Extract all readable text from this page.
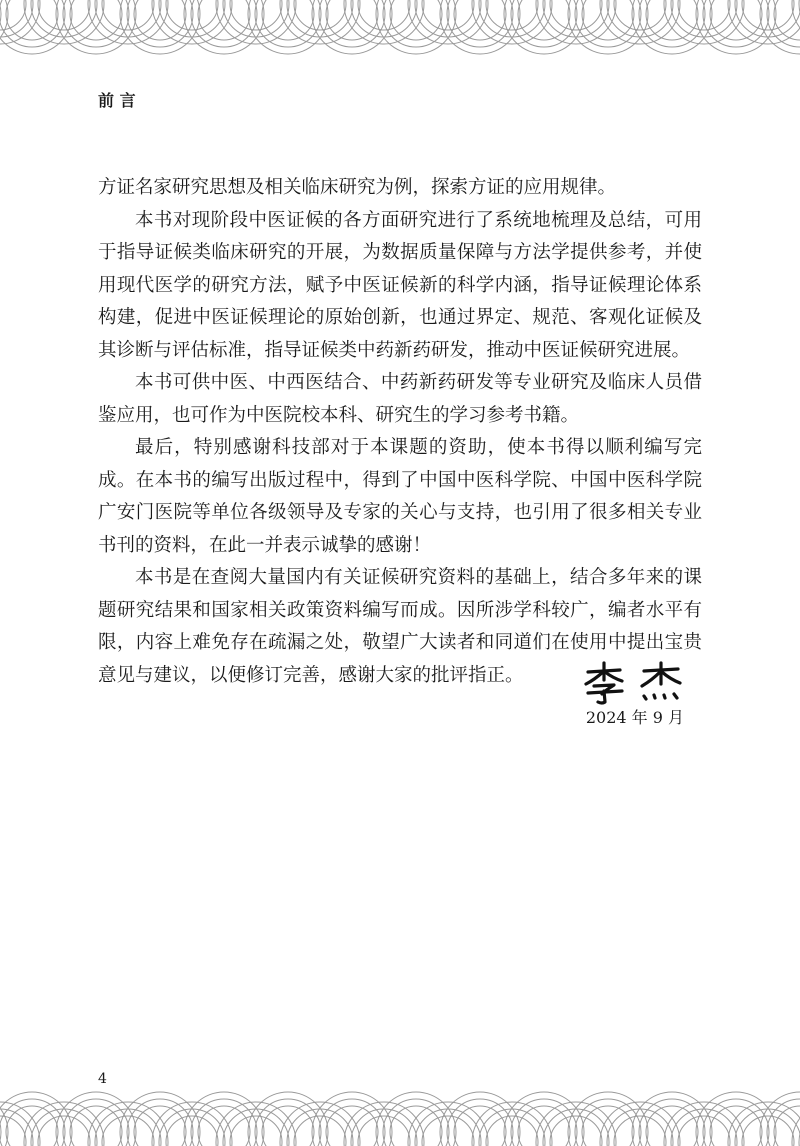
前 言

方证名家研究思想及相关临床研究为例，探索方证的应用规律。

本书对现阶段中医证候的各方面研究进行了系统地梳理及总结，可用于指导证候类临床研究的开展，为数据质量保障与方法学提供参考，并使用现代医学的研究方法，赋予中医证候新的科学内涵，指导证候理论体系构建，促进中医证候理论的原始创新，也通过界定、规范、客观化证候及其诊断与评估标准，指导证候类中药新药研发，推动中医证候研究进展。

本书可供中医、中西医结合、中药新药研发等专业研究及临床人员借鉴应用，也可作为中医院校本科、研究生的学习参考书籍。

最后，特别感谢科技部对于本课题的资助，使本书得以顺利编写完成。在本书的编写出版过程中，得到了中国中医科学院、中国中医科学院广安门医院等单位各级领导及专家的关心与支持，也引用了很多相关专业书刊的资料，在此一并表示诚挚的感谢！

本书是在查阅大量国内有关证候研究资料的基础上，结合多年来的课题研究结果和国家相关政策资料编写而成。因所涉学科较广，编者水平有限，内容上难免存在疏漏之处，敬望广大读者和同道们在使用中提出宝贵意见与建议，以便修订完善，感谢大家的批评指正。

2024 年 9 月
4
